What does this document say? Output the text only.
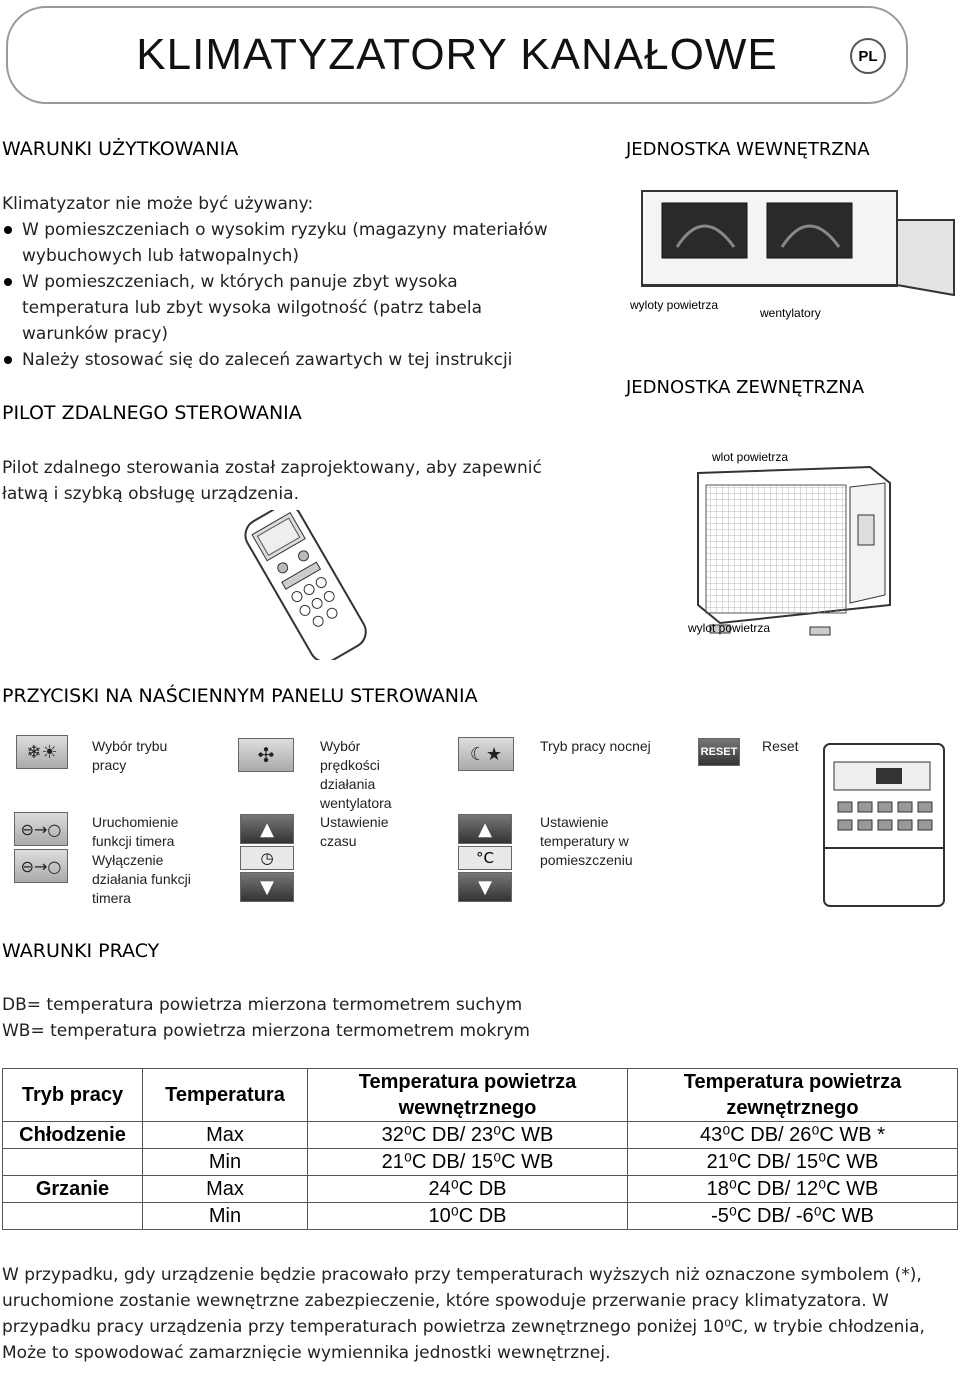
KLIMATYZATORY KANAŁOWE	PL
WARUNKI UŻYTKOWANIA
Klimatyzator nie może być używany:
W pomieszczeniach o wysokim ryzyku (magazyny materiałów wybuchowych lub łatwopalnych)
W pomieszczeniach, w których panuje zbyt wysoka temperatura lub zbyt wysoka wilgotność (patrz tabela warunków pracy)
Należy stosować się do zaleceń zawartych w tej instrukcji
PILOT ZDALNEGO STEROWANIA
Pilot zdalnego sterowania został zaprojektowany, aby zapewnić łatwą i szybką obsługę urządzenia.
JEDNOSTKA WEWNĘTRZNA
wyloty powietrza
wentylatory
JEDNOSTKA ZEWNĘTRZNA
wlot powietrza
wylot powietrza
PRZYCISKI NA NAŚCIENNYM PANELU STEROWANIA
❄☀ Wybór trybu pracy
⊖→○
⊖→○
Uruchomienie funkcji timera
Wyłączenie działania funkcji timera
✣	Wybór prędkości działania wentylatora
▲
◷
▼
Ustawienie czasu
☾★	Tryb pracy nocnej
▲
°C
▼
Ustawienie temperatury w pomieszczeniu
RESET Reset
WARUNKI PRACY
DB= temperatura powietrza mierzona termometrem suchym
WB= temperatura powietrza mierzona termometrem mokrym
Tryb pracy	Temperatura	Temperatura powietrza wewnętrznego	Temperatura powietrza zewnętrznego
Chłodzenie	Max	32⁰C DB/ 23⁰C WB	43⁰C DB/ 26⁰C WB *
	Min	21⁰C DB/ 15⁰C WB	21⁰C DB/ 15⁰C WB
Grzanie	Max	24⁰C DB	18⁰C DB/ 12⁰C WB
	Min	10⁰C DB	-5⁰C DB/ -6⁰C WB
W przypadku, gdy urządzenie będzie pracowało przy temperaturach wyższych niż oznaczone symbolem (*), uruchomione zostanie wewnętrzne zabezpieczenie, które spowoduje przerwanie pracy klimatyzatora. W przypadku pracy urządzenia przy temperaturach powietrza zewnętrznego poniżej 10⁰C, w trybie chłodzenia, Może to spowodować zamarznięcie wymiennika jednostki wewnętrznej.
